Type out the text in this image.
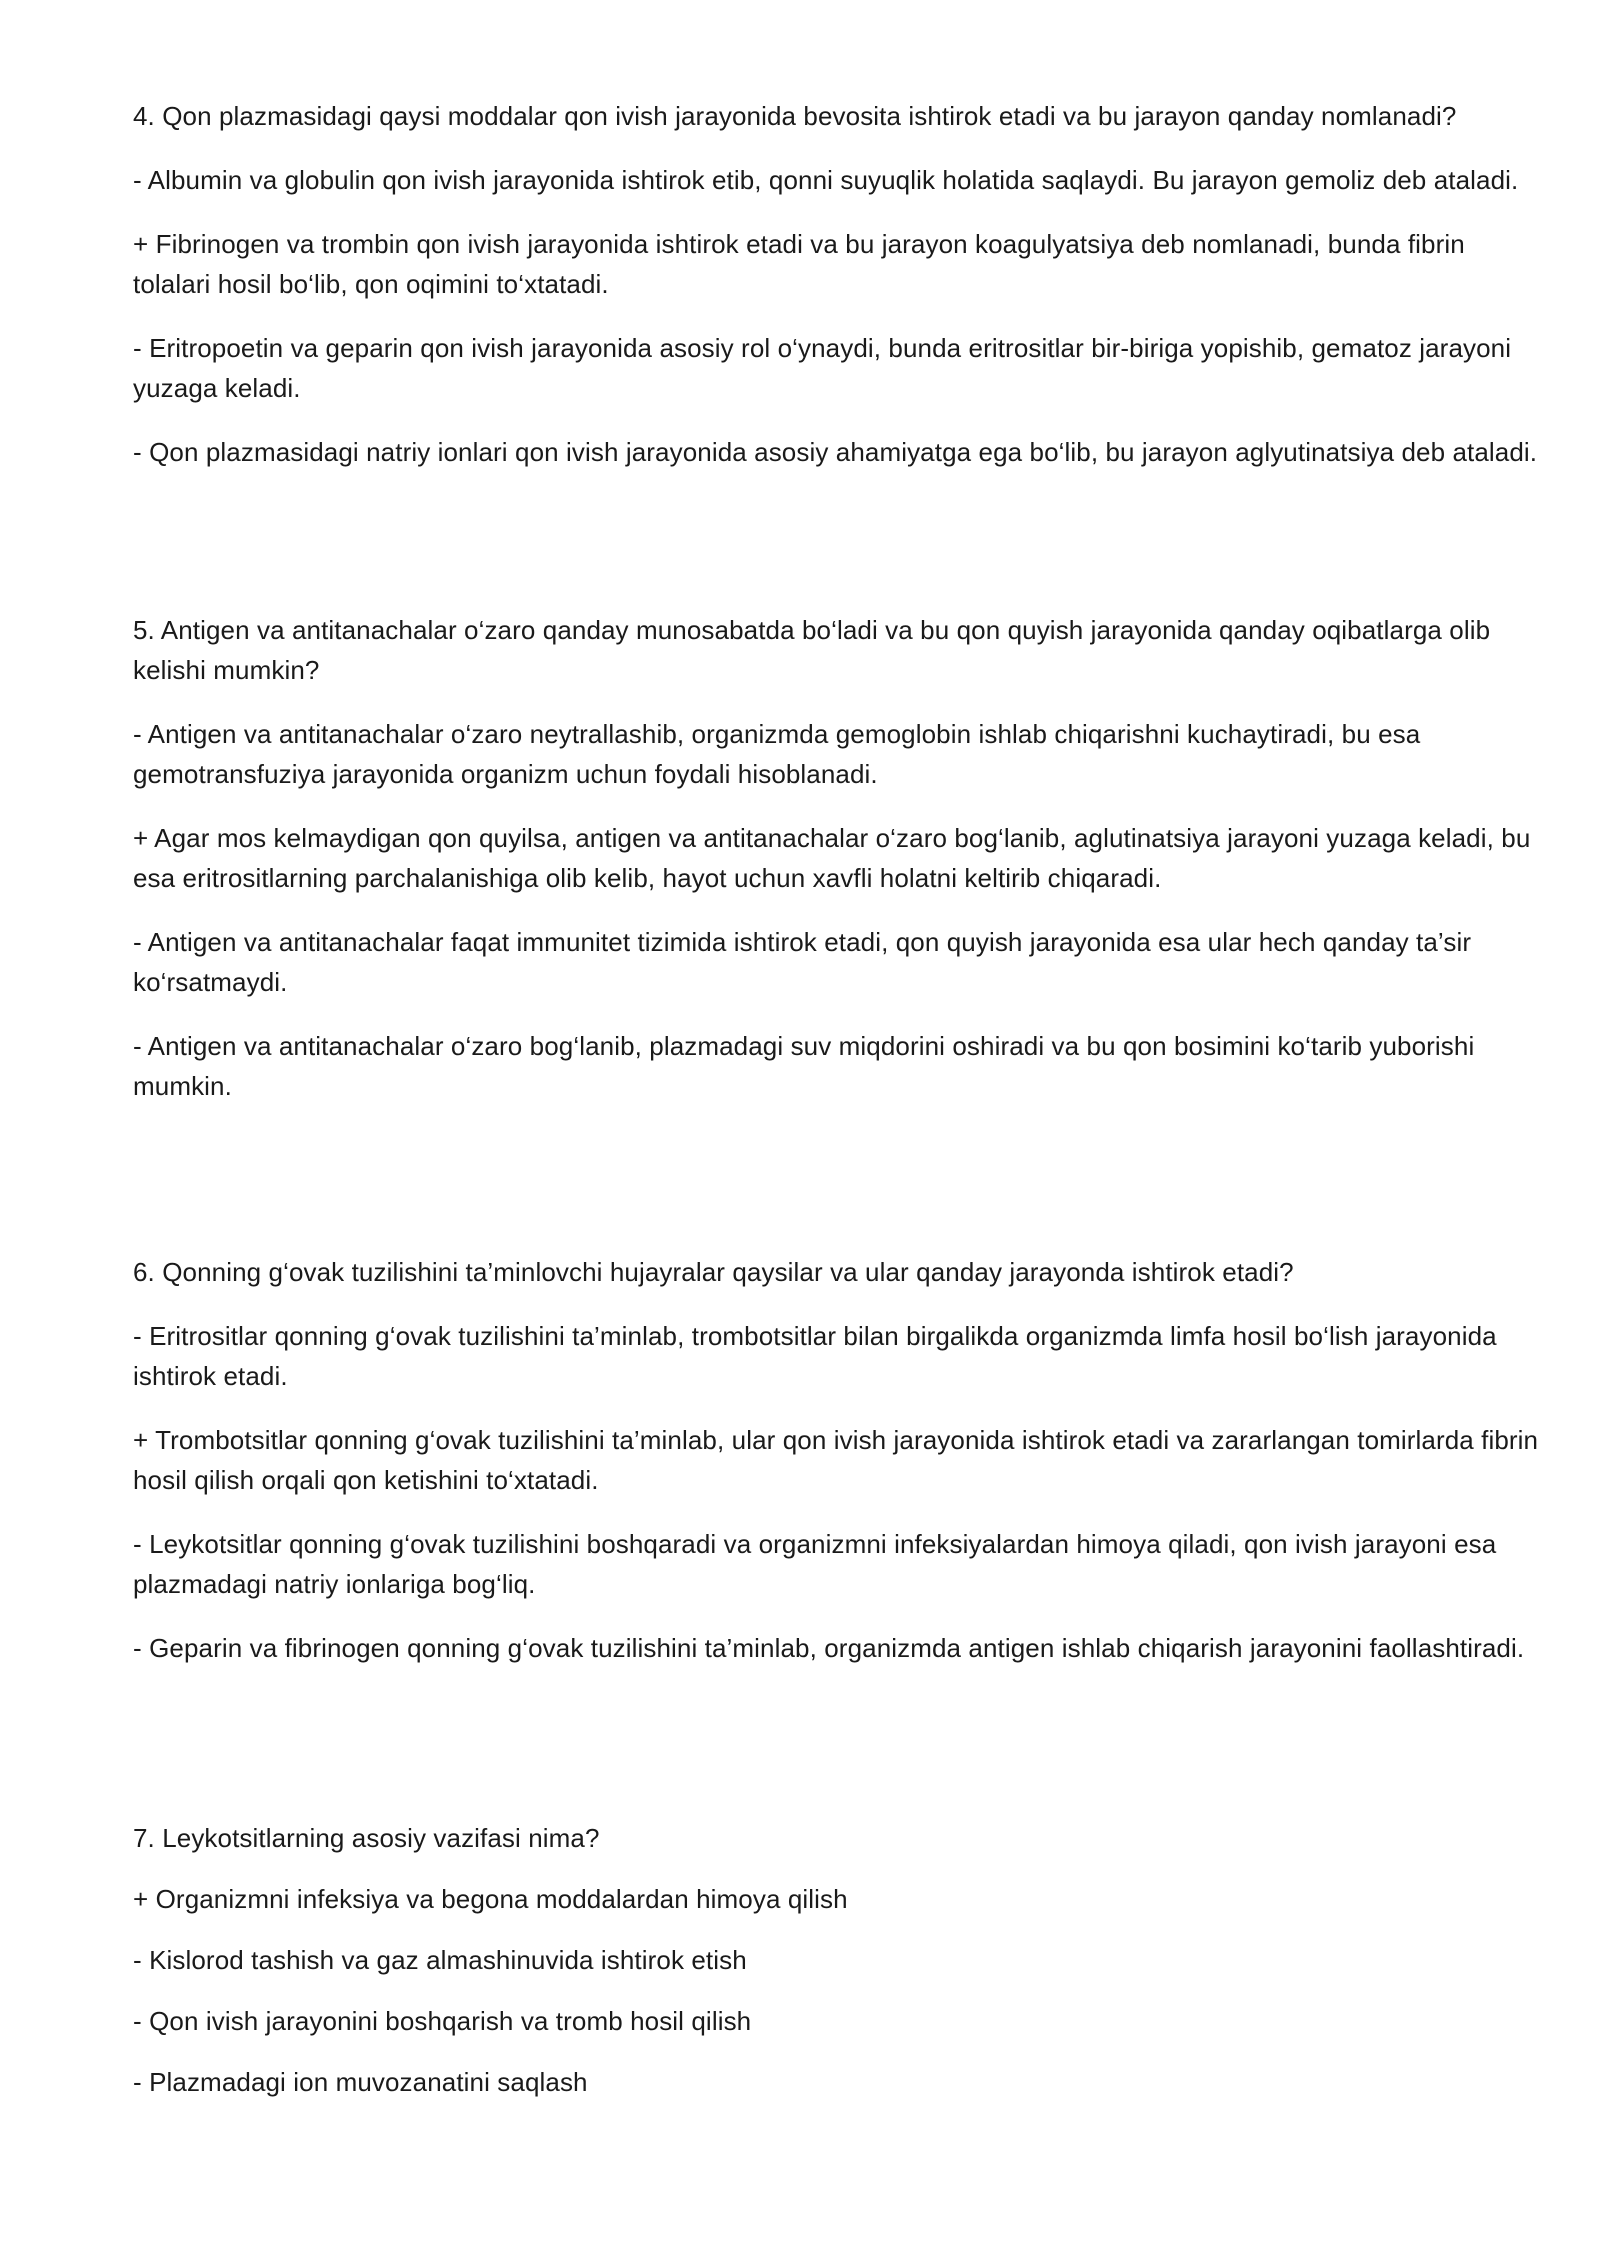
4. Qon plazmasidagi qaysi moddalar qon ivish jarayonida bevosita ishtirok etadi va bu jarayon qanday nomlanadi?

- Albumin va globulin qon ivish jarayonida ishtirok etib, qonni suyuqlik holatida saqlaydi. Bu jarayon gemoliz deb ataladi.

+ Fibrinogen va trombin qon ivish jarayonida ishtirok etadi va bu jarayon koagulyatsiya deb nomlanadi, bunda fibrin tolalari hosil bo‘lib, qon oqimini to‘xtatadi.

- Eritropoetin va geparin qon ivish jarayonida asosiy rol o‘ynaydi, bunda eritrositlar bir-biriga yopishib, gematoz jarayoni yuzaga keladi.

- Qon plazmasidagi natriy ionlari qon ivish jarayonida asosiy ahamiyatga ega bo‘lib, bu jarayon aglyutinatsiya deb ataladi.

5. Antigen va antitanachalar o‘zaro qanday munosabatda bo‘ladi va bu qon quyish jarayonida qanday oqibatlarga olib kelishi mumkin?

- Antigen va antitanachalar o‘zaro neytrallashib, organizmda gemoglobin ishlab chiqarishni kuchaytiradi, bu esa gemotransfuziya jarayonida organizm uchun foydali hisoblanadi.

+ Agar mos kelmaydigan qon quyilsa, antigen va antitanachalar o‘zaro bog‘lanib, aglutinatsiya jarayoni yuzaga keladi, bu esa eritrositlarning parchalanishiga olib kelib, hayot uchun xavfli holatni keltirib chiqaradi.

- Antigen va antitanachalar faqat immunitet tizimida ishtirok etadi, qon quyish jarayonida esa ular hech qanday ta’sir ko‘rsatmaydi.

- Antigen va antitanachalar o‘zaro bog‘lanib, plazmadagi suv miqdorini oshiradi va bu qon bosimini ko‘tarib yuborishi mumkin.

6. Qonning g‘ovak tuzilishini ta’minlovchi hujayralar qaysilar va ular qanday jarayonda ishtirok etadi?

- Eritrositlar qonning g‘ovak tuzilishini ta’minlab, trombotsitlar bilan birgalikda organizmda limfa hosil bo‘lish jarayonida ishtirok etadi.

+ Trombotsitlar qonning g‘ovak tuzilishini ta’minlab, ular qon ivish jarayonida ishtirok etadi va zararlangan tomirlarda fibrin hosil qilish orqali qon ketishini to‘xtatadi.

- Leykotsitlar qonning g‘ovak tuzilishini boshqaradi va organizmni infeksiyalardan himoya qiladi, qon ivish jarayoni esa plazmadagi natriy ionlariga bog‘liq.

- Geparin va fibrinogen qonning g‘ovak tuzilishini ta’minlab, organizmda antigen ishlab chiqarish jarayonini faollashtiradi.

7. Leykotsitlarning asosiy vazifasi nima?

+ Organizmni infeksiya va begona moddalardan himoya qilish

- Kislorod tashish va gaz almashinuvida ishtirok etish

- Qon ivish jarayonini boshqarish va tromb hosil qilish

- Plazmadagi ion muvozanatini saqlash
